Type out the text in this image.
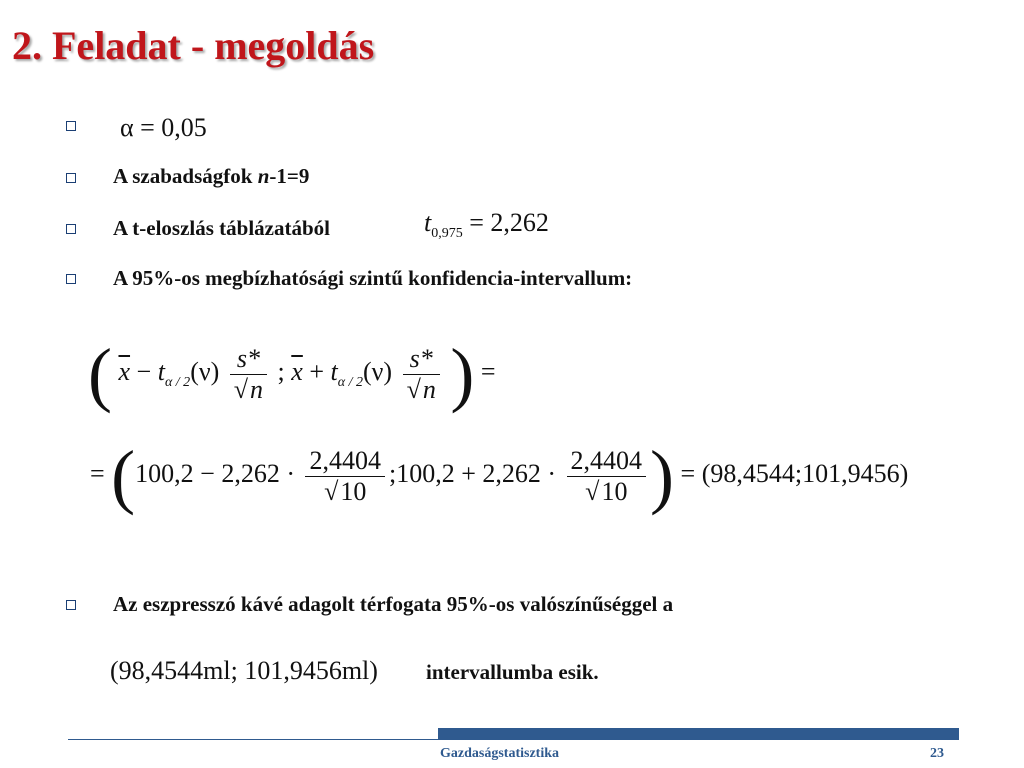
2. Feladat - megoldás
α = 0,05
A szabadságfok n-1=9
A t-eloszlás táblázatából	$t_{0,975} = 2,262$
A 95%-os megbízhatósági szintű konfidencia-intervallum:
( $\overline{x} - t_{\alpha / 2}(\nu) \frac{s*}{√n}$ ; $\overline{x} + t_{\alpha / 2}(\nu) \frac{s*}{√n}$ ) =
= ($100,2 - 2,262 \cdot \frac{2,4404}{√10}$ ;100,2 + $2,262 \cdot \frac{2,4404}{√10}$ ) = (98,4544;101,9456)
Az eszpresszó kávé adagolt térfogata 95%-os valószínűséggel a
(98,4544ml; 101,9456ml) intervallumba esik.
Gazdaságstatisztika	23
